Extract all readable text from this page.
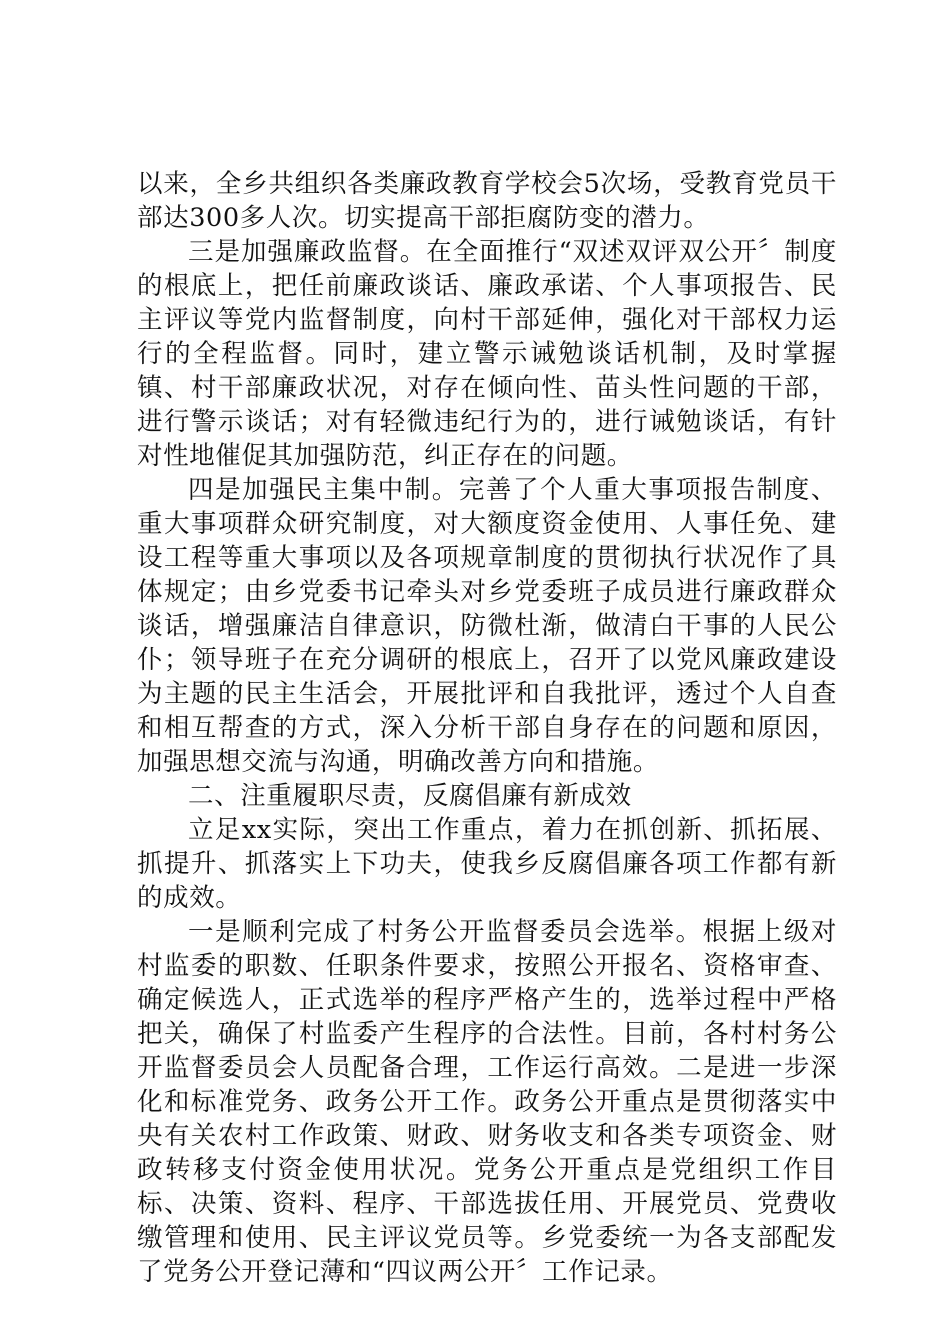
以来，全乡共组织各类廉政教育学校会5次场，受教育党员干部达300多人次。切实提高干部拒腐防变的潜力。

三是加强廉政监督。在全面推行“双述双评双公开〞制度的根底上，把任前廉政谈话、廉政承诺、个人事项报告、民主评议等党内监督制度，向村干部延伸，强化对干部权力运行的全程监督。同时，建立警示诫勉谈话机制，及时掌握镇、村干部廉政状况，对存在倾向性、苗头性问题的干部，进行警示谈话；对有轻微违纪行为的，进行诫勉谈话，有针对性地催促其加强防范，纠正存在的问题。

四是加强民主集中制。完善了个人重大事项报告制度、重大事项群众研究制度，对大额度资金使用、人事任免、建设工程等重大事项以及各项规章制度的贯彻执行状况作了具体规定；由乡党委书记牵头对乡党委班子成员进行廉政群众谈话，增强廉洁自律意识，防微杜渐，做清白干事的人民公仆；领导班子在充分调研的根底上，召开了以党风廉政建设为主题的民主生活会，开展批评和自我批评，透过个人自查和相互帮查的方式，深入分析干部自身存在的问题和原因，加强思想交流与沟通，明确改善方向和措施。

二、注重履职尽责，反腐倡廉有新成效

立足xx实际，突出工作重点，着力在抓创新、抓拓展、抓提升、抓落实上下功夫，使我乡反腐倡廉各项工作都有新的成效。

一是顺利完成了村务公开监督委员会选举。根据上级对村监委的职数、任职条件要求，按照公开报名、资格审查、确定候选人，正式选举的程序严格产生的，选举过程中严格把关，确保了村监委产生程序的合法性。目前，各村村务公开监督委员会人员配备合理，工作运行高效。二是进一步深化和标准党务、政务公开工作。政务公开重点是贯彻落实中央有关农村工作政策、财政、财务收支和各类专项资金、财政转移支付资金使用状况。党务公开重点是党组织工作目标、决策、资料、程序、干部选拔任用、开展党员、党费收缴管理和使用、民主评议党员等。乡党委统一为各支部配发了党务公开登记薄和“四议两公开〞工作记录。
